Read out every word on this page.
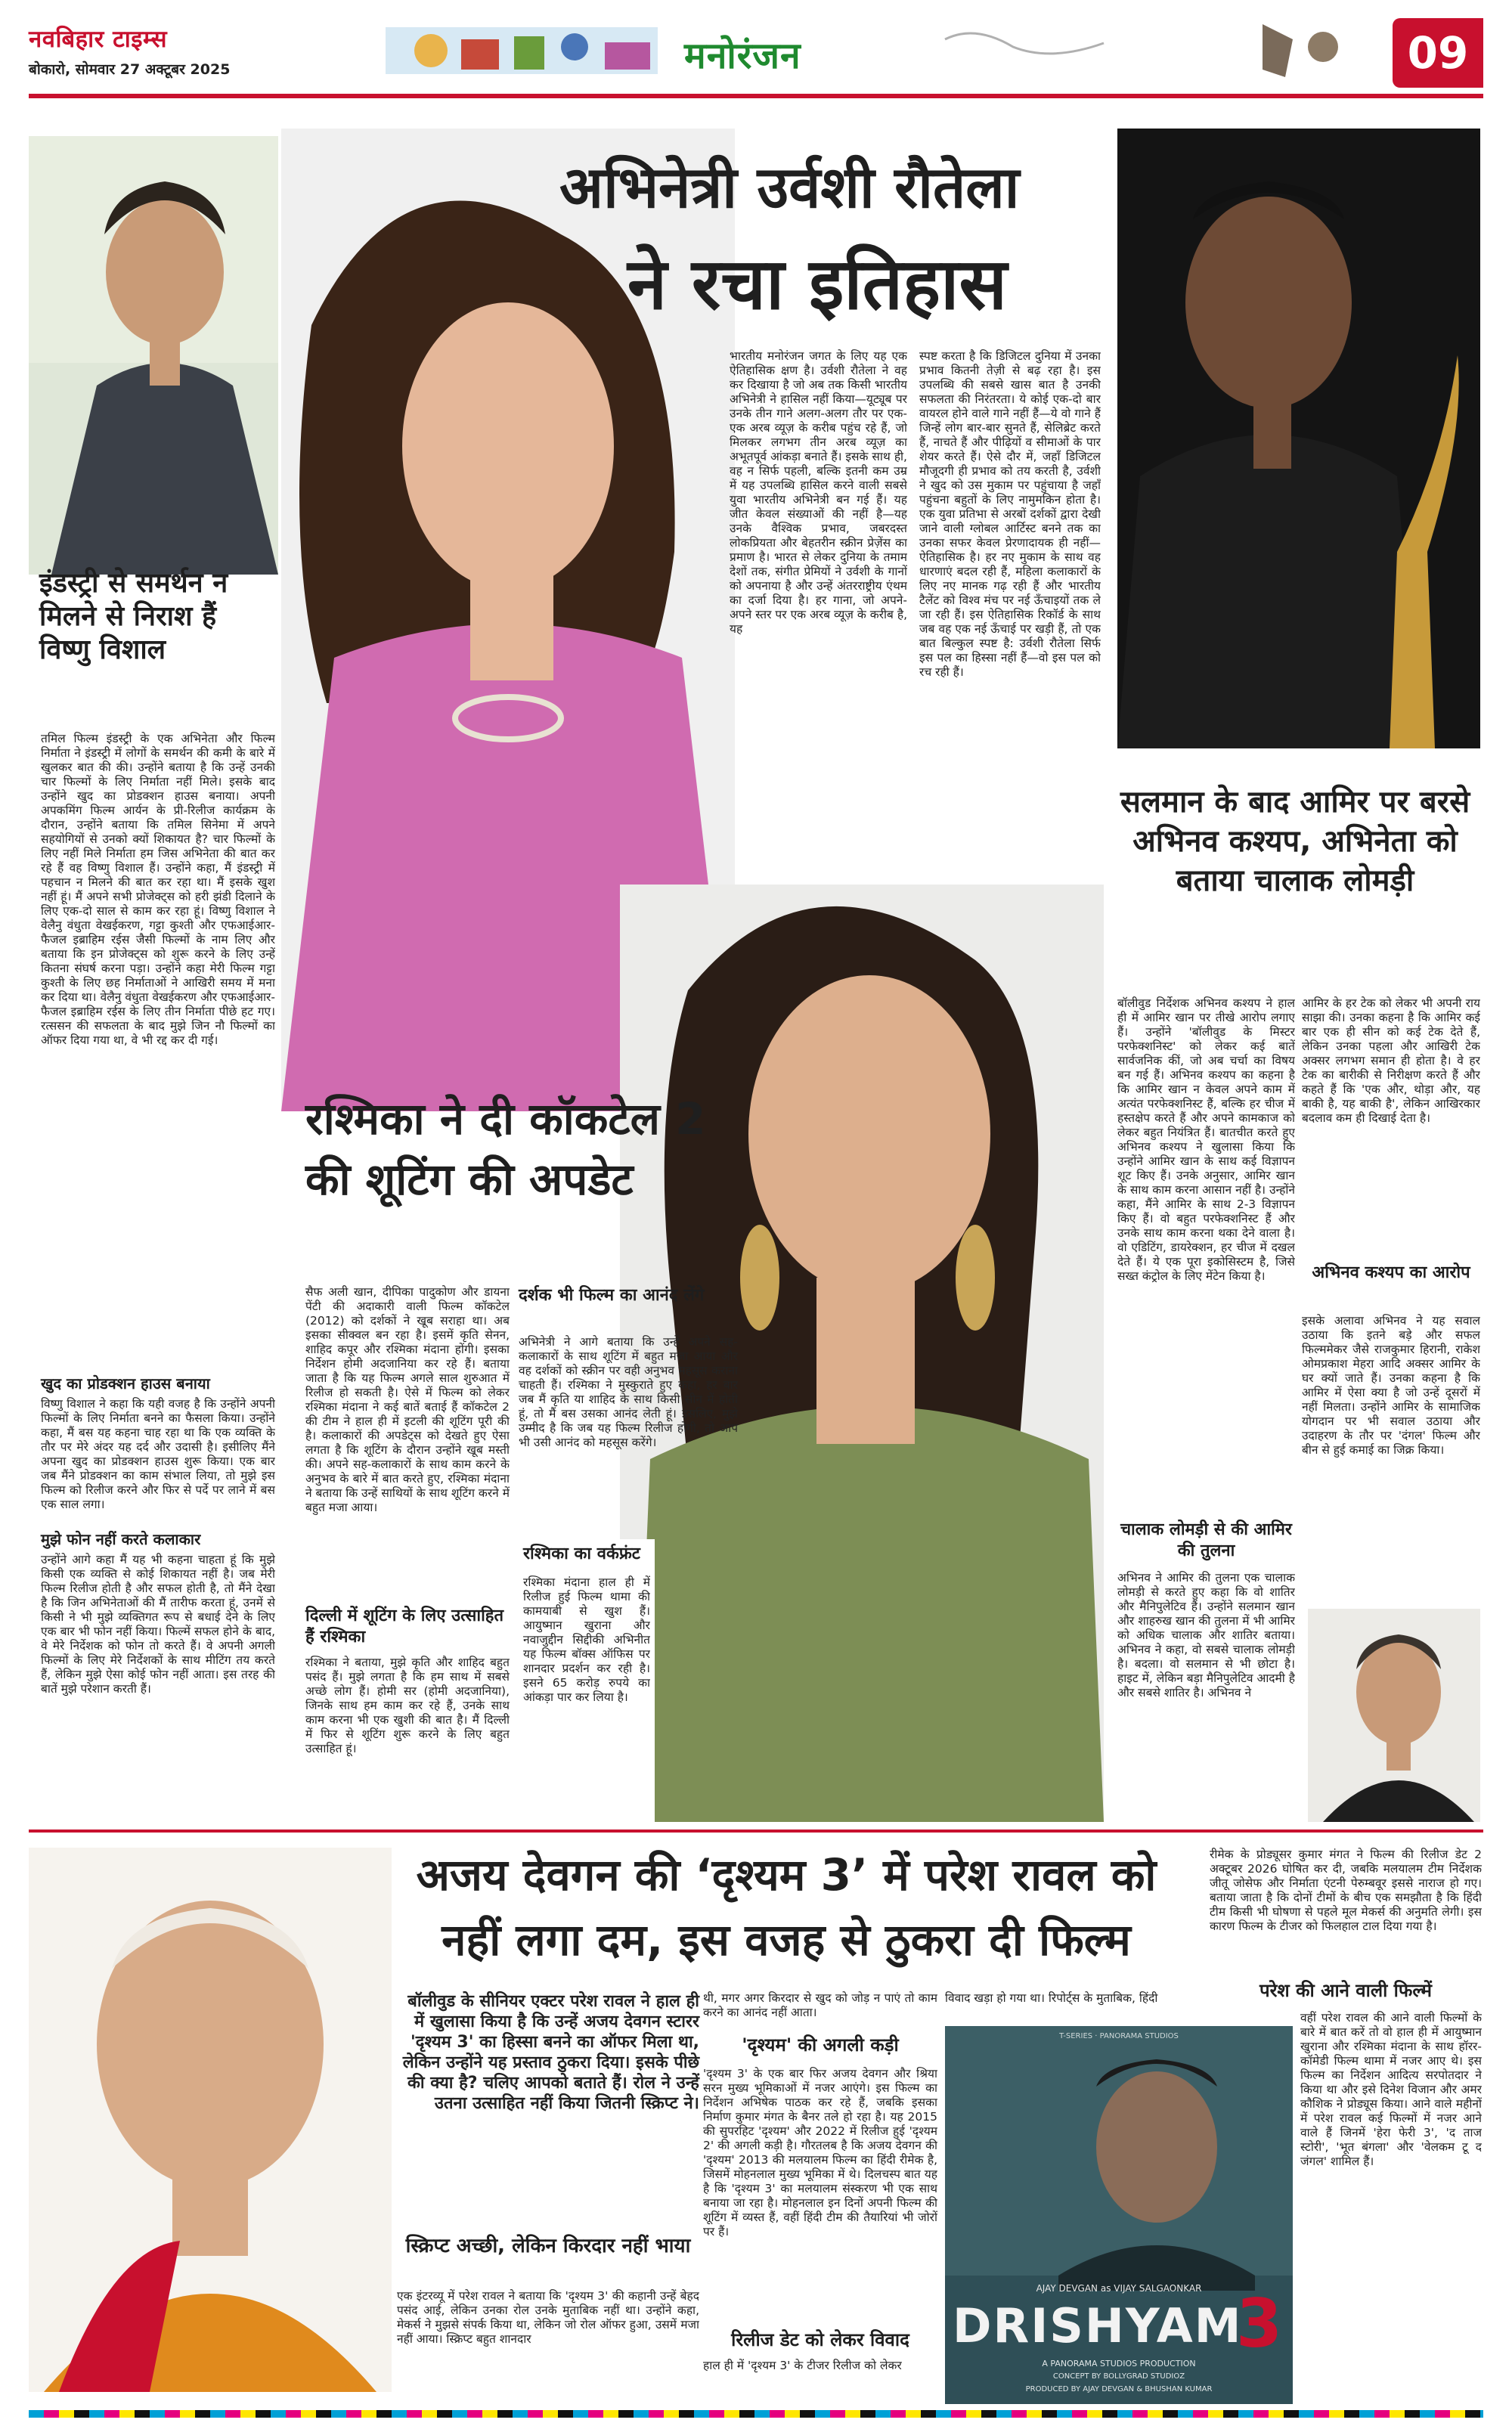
नवबिहार टाइम्स
बोकारो, सोमवार 27 अक्टूबर 2025	मनोरंजन	09
इंडस्ट्री से समर्थन न मिलने से निराश हैं विष्णु विशाल
तमिल फिल्म इंडस्ट्री के एक अभिनेता और फिल्म निर्माता ने इंडस्ट्री में लोगों के समर्थन की कमी के बारे में खुलकर बात की की। उन्होंने बताया है कि उन्हें उनकी चार फिल्मों के लिए निर्माता नहीं मिले। इसके बाद उन्होंने खुद का प्रोडक्शन हाउस बनाया। अपनी अपकमिंग फिल्म आर्यन के प्री-रिलीज कार्यक्रम के दौरान, उन्होंने बताया कि तमिल सिनेमा में अपने सहयोगियों से उनको क्यों शिकायत है? चार फिल्मों के लिए नहीं मिले निर्माता हम जिस अभिनेता की बात कर रहे हैं वह विष्णु विशाल हैं। उन्होंने कहा, मैं इंडस्ट्री में पहचान न मिलने की बात कर रहा था। मैं इसके खुश नहीं हूं। मैं अपने सभी प्रोजेक्ट्स को हरी झंडी दिलाने के लिए एक-दो साल से काम कर रहा हूं। विष्णु विशाल ने वेलैनु वंधुता वेखईकरण, गट्टा कुश्ती और एफआईआर- फैजल इब्राहिम रईस जैसी फिल्मों के नाम लिए और बताया कि इन प्रोजेक्ट्स को शुरू करने के लिए उन्हें कितना संघर्ष करना पड़ा। उन्होंने कहा मेरी फिल्म गट्टा कुश्ती के लिए छह निर्माताओं ने आखिरी समय में मना कर दिया था। वेलैनु वंधुता वेखईकरण और एफआईआर- फैजल इब्राहिम रईस के लिए तीन निर्माता पीछे हट गए। रत्ससन की सफलता के बाद मुझे जिन नौ फिल्मों का ऑफर दिया गया था, वे भी रद्द कर दी गई।
खुद का प्रोडक्शन हाउस बनाया
विष्णु विशाल ने कहा कि यही वजह है कि उन्होंने अपनी फिल्मों के लिए निर्माता बनने का फैसला किया। उन्होंने कहा, मैं बस यह कहना चाह रहा था कि एक व्यक्ति के तौर पर मेरे अंदर यह दर्द और उदासी है। इसीलिए मैंने अपना खुद का प्रोडक्शन हाउस शुरू किया। एक बार जब मैंने प्रोडक्शन का काम संभाल लिया, तो मुझे इस फिल्म को रिलीज करने और फिर से पर्दे पर लाने में बस एक साल लगा।
मुझे फोन नहीं करते कलाकार
उन्होंने आगे कहा मैं यह भी कहना चाहता हूं कि मुझे किसी एक व्यक्ति से कोई शिकायत नहीं है। जब मेरी फिल्म रिलीज होती है और सफल होती है, तो मैंने देखा है कि जिन अभिनेताओं की मैं तारीफ करता हूं, उनमें से किसी ने भी मुझे व्यक्तिगत रूप से बधाई देने के लिए एक बार भी फोन नहीं किया। फिल्में सफल होने के बाद, वे मेरे निर्देशक को फोन तो करते हैं। वे अपनी अगली फिल्मों के लिए मेरे निर्देशकों के साथ मीटिंग तय करते हैं, लेकिन मुझे ऐसा कोई फोन नहीं आता। इस तरह की बातें मुझे परेशान करती हैं।
अभिनेत्री उर्वशी रौतेला
ने रचा इतिहास
भारतीय मनोरंजन जगत के लिए यह एक ऐतिहासिक क्षण है। उर्वशी रौतेला ने वह कर दिखाया है जो अब तक किसी भारतीय अभिनेत्री ने हासिल नहीं किया—यूट्यूब पर उनके तीन गाने अलग-अलग तौर पर एक-एक अरब व्यूज़ के करीब पहुंच रहे हैं, जो मिलकर लगभग तीन अरब व्यूज़ का अभूतपूर्व आंकड़ा बनाते हैं। इसके साथ ही, वह न सिर्फ पहली, बल्कि इतनी कम उम्र में यह उपलब्धि हासिल करने वाली सबसे युवा भारतीय अभिनेत्री बन गई हैं। यह जीत केवल संख्याओं की नहीं है—यह उनके वैश्विक प्रभाव, जबरदस्त लोकप्रियता और बेहतरीन स्क्रीन प्रेज़ेंस का प्रमाण है। भारत से लेकर दुनिया के तमाम देशों तक, संगीत प्रेमियों ने उर्वशी के गानों को अपनाया है और उन्हें अंतरराष्ट्रीय एंथम का दर्जा दिया है। हर गाना, जो अपने-अपने स्तर पर एक अरब व्यूज़ के करीब है, यह
स्पष्ट करता है कि डिजिटल दुनिया में उनका प्रभाव कितनी तेज़ी से बढ़ रहा है। इस उपलब्धि की सबसे खास बात है उनकी सफलता की निरंतरता। ये कोई एक-दो बार वायरल होने वाले गाने नहीं हैं—ये वो गाने हैं जिन्हें लोग बार-बार सुनते हैं, सेलिब्रेट करते हैं, नाचते हैं और पीढ़ियों व सीमाओं के पार शेयर करते हैं। ऐसे दौर में, जहाँ डिजिटल मौजूदगी ही प्रभाव को तय करती है, उर्वशी ने खुद को उस मुकाम पर पहुंचाया है जहाँ पहुंचना बहुतों के लिए नामुमकिन होता है। एक युवा प्रतिभा से अरबों दर्शकों द्वारा देखी जाने वाली ग्लोबल आर्टिस्ट बनने तक का उनका सफर केवल प्रेरणादायक ही नहीं—ऐतिहासिक है। हर नए मुकाम के साथ वह धारणाएं बदल रही हैं, महिला कलाकारों के लिए नए मानक गढ़ रही हैं और भारतीय टैलेंट को विश्व मंच पर नई ऊँचाइयों तक ले जा रही हैं। इस ऐतिहासिक रिकॉर्ड के साथ जब वह एक नई ऊँचाई पर खड़ी हैं, तो एक बात बिल्कुल स्पष्ट है: उर्वशी रौतेला सिर्फ इस पल का हिस्सा नहीं हैं—वो इस पल को रच रही हैं।
रश्मिका ने दी कॉकटेल 2
की शूटिंग की अपडेट
सैफ अली खान, दीपिका पादुकोण और डायना पेंटी की अदाकारी वाली फिल्म कॉकटेल (2012) को दर्शकों ने खूब सराहा था। अब इसका सीक्वल बन रहा है। इसमें कृति सेनन, शाहिद कपूर और रश्मिका मंदाना होंगी। इसका निर्देशन होमी अदजानिया कर रहे हैं। बताया जाता है कि यह फिल्म अगले साल शुरुआत में रिलीज हो सकती है। ऐसे में फिल्म को लेकर रश्मिका मंदाना ने कई बातें बताई हैं कॉकटेल 2 की टीम ने हाल ही में इटली की शूटिंग पूरी की है। कलाकारों की अपडेट्स को देखते हुए ऐसा लगता है कि शूटिंग के दौरान उन्होंने खूब मस्ती की। अपने सह-कलाकारों के साथ काम करने के अनुभव के बारे में बात करते हुए, रश्मिका मंदाना ने बताया कि उन्हें साथियों के साथ शूटिंग करने में बहुत मजा आया।
दिल्ली में शूटिंग के लिए उत्साहित हैं रश्मिका
रश्मिका ने बताया, मुझे कृति और शाहिद बहुत पसंद हैं। मुझे लगता है कि हम साथ में सबसे अच्छे लोग हैं। होमी सर (होमी अदजानिया), जिनके साथ हम काम कर रहे हैं, उनके साथ काम करना भी एक खुशी की बात है। मैं दिल्ली में फिर से शूटिंग शुरू करने के लिए बहुत उत्साहित हूं।
दर्शक भी फिल्म का आनंद लेंगे
अभिनेत्री ने आगे बताया कि उन्हें अपने सह-कलाकारों के साथ शूटिंग में बहुत मजा आया और वह दर्शकों को स्क्रीन पर वही अनुभव महसूस कराना चाहती हैं। रश्मिका ने मुस्कुराते हुए कहा, हर बार जब मैं कृति या शाहिद के साथ किसी सीन में होती हूं, तो मैं बस उसका आनंद लेती हूं। इसलिए, मुझे उम्मीद है कि जब यह फिल्म रिलीज होगी, तो आप भी उसी आनंद को महसूस करेंगे।
रश्मिका का वर्कफ्रंट
रश्मिका मंदाना हाल ही में रिलीज हुई फिल्म थामा की कामयाबी से खुश हैं। आयुष्मान खुराना और नवाजुद्दीन सिद्दीकी अभिनीत यह फिल्म बॉक्स ऑफिस पर शानदार प्रदर्शन कर रही है। इसने 65 करोड़ रुपये का आंकड़ा पार कर लिया है।
सलमान के बाद आमिर पर बरसे अभिनव कश्यप, अभिनेता को बताया चालाक लोमड़ी
बॉलीवुड निर्देशक अभिनव कश्यप ने हाल ही में आमिर खान पर तीखे आरोप लगाए हैं। उन्होंने 'बॉलीवुड के मिस्टर परफेक्शनिस्ट' को लेकर कई बातें सार्वजनिक कीं, जो अब चर्चा का विषय बन गई हैं। अभिनव कश्यप का कहना है कि आमिर खान न केवल अपने काम में अत्यंत परफेक्शनिस्ट हैं, बल्कि हर चीज में हस्तक्षेप करते हैं और अपने कामकाज को लेकर बहुत नियंत्रित हैं। बातचीत करते हुए अभिनव कश्यप ने खुलासा किया कि उन्होंने आमिर खान के साथ कई विज्ञापन शूट किए हैं। उनके अनुसार, आमिर खान के साथ काम करना आसान नहीं है। उन्होंने कहा, मैंने आमिर के साथ 2-3 विज्ञापन किए हैं। वो बहुत परफेक्शनिस्ट हैं और उनके साथ काम करना थका देने वाला है। वो एडिटिंग, डायरेक्शन, हर चीज में दखल देते हैं। ये एक पूरा इकोसिस्टम है, जिसे सख्त कंट्रोल के लिए मेंटेन किया है।
चालाक लोमड़ी से की आमिर की तुलना
अभिनव ने आमिर की तुलना एक चालाक लोमड़ी से करते हुए कहा कि वो शातिर और मैनिपुलेटिव हैं। उन्होंने सलमान खान और शाहरुख खान की तुलना में भी आमिर को अधिक चालाक और शातिर बताया। अभिनव ने कहा, वो सबसे चालाक लोमड़ी है। बदला। वो सलमान से भी छोटा है। हाइट में, लेकिन बड़ा मैनिपुलेटिव आदमी है और सबसे शातिर है। अभिनव ने
आमिर के हर टेक को लेकर भी अपनी राय साझा की। उनका कहना है कि आमिर कई बार एक ही सीन को कई टेक देते हैं, लेकिन उनका पहला और आखिरी टेक अक्सर लगभग समान ही होता है। वे हर टेक का बारीकी से निरीक्षण करते हैं और कहते हैं कि 'एक और, थोड़ा और, यह बाकी है, यह बाकी है', लेकिन आखिरकार बदलाव कम ही दिखाई देता है।
अभिनव कश्यप का आरोप
इसके अलावा अभिनव ने यह सवाल उठाया कि इतने बड़े और सफल फिल्ममेकर जैसे राजकुमार हिरानी, राकेश ओमप्रकाश मेहरा आदि अक्सर आमिर के घर क्यों जाते हैं। उनका कहना है कि आमिर में ऐसा क्या है जो उन्हें दूसरों में नहीं मिलता। उन्होंने आमिर के सामाजिक योगदान पर भी सवाल उठाया और उदाहरण के तौर पर 'दंगल' फिल्म और बीन से हुई कमाई का जिक्र किया।
अजय देवगन की ‘दृश्यम 3’ में परेश रावल को
नहीं लगा दम, इस वजह से ठुकरा दी फिल्म
बॉलीवुड के सीनियर एक्टर परेश रावल ने हाल ही में खुलासा किया है कि उन्हें अजय देवगन स्टारर 'दृश्यम 3' का हिस्सा बनने का ऑफर मिला था, लेकिन उन्होंने यह प्रस्ताव ठुकरा दिया। इसके पीछे की क्या है? चलिए आपको बताते हैं। रोल ने उन्हें उतना उत्साहित नहीं किया जितनी स्क्रिप्ट ने।
स्क्रिप्ट अच्छी, लेकिन किरदार नहीं भाया
एक इंटरव्यू में परेश रावल ने बताया कि 'दृश्यम 3' की कहानी उन्हें बेहद पसंद आई, लेकिन उनका रोल उनके मुताबिक नहीं था। उन्होंने कहा, मेकर्स ने मुझसे संपर्क किया था, लेकिन जो रोल ऑफर हुआ, उसमें मजा नहीं आया। स्क्रिप्ट बहुत शानदार
थी, मगर अगर किरदार से खुद को जोड़ न पाएं तो काम करने का आनंद नहीं आता।
'दृश्यम' की अगली कड़ी
'दृश्यम 3' के एक बार फिर अजय देवगन और श्रिया सरन मुख्य भूमिकाओं में नजर आएंगे। इस फिल्म का निर्देशन अभिषेक पाठक कर रहे हैं, जबकि इसका निर्माण कुमार मंगत के बैनर तले हो रहा है। यह 2015 की सुपरहिट 'दृश्यम' और 2022 में रिलीज हुई 'दृश्यम 2' की अगली कड़ी है। गौरतलब है कि अजय देवगन की 'दृश्यम' 2013 की मलयालम फिल्म का हिंदी रीमेक है, जिसमें मोहनलाल मुख्य भूमिका में थे। दिलचस्प बात यह है कि 'दृश्यम 3' का मलयालम संस्करण भी एक साथ बनाया जा रहा है। मोहनलाल इन दिनों अपनी फिल्म की शूटिंग में व्यस्त हैं, वहीं हिंदी टीम की तैयारियां भी जोरों पर हैं।
रिलीज डेट को लेकर विवाद
हाल ही में 'दृश्यम 3' के टीजर रिलीज को लेकर
विवाद खड़ा हो गया था। रिपोर्ट्स के मुताबिक, हिंदी
T-SERIES · PANORAMA STUDIOS
AJAY DEVGAN as VIJAY SALGAONKAR
DRISHYAM
3
A PANORAMA STUDIOS PRODUCTION
CONCEPT BY BOLLYGRAD STUDIOZ
PRODUCED BY AJAY DEVGAN & BHUSHAN KUMAR
रीमेक के प्रोड्यूसर कुमार मंगत ने फिल्म की रिलीज डेट 2 अक्टूबर 2026 घोषित कर दी, जबकि मलयालम टीम निर्देशक जीतू जोसेफ और निर्माता एंटनी पेरुम्बवूर इससे नाराज हो गए। बताया जाता है कि दोनों टीमों के बीच एक समझौता है कि हिंदी टीम किसी भी घोषणा से पहले मूल मेकर्स की अनुमति लेगी। इस कारण फिल्म के टीजर को फिलहाल टाल दिया गया है।
परेश की आने वाली फिल्में
वहीं परेश रावल की आने वाली फिल्मों के बारे में बात करें तो वो हाल ही में आयुष्मान खुराना और रश्मिका मंदाना के साथ हॉरर-कॉमेडी फिल्म थामा में नजर आए थे। इस फिल्म का निर्देशन आदित्य सरपोतदार ने किया था और इसे दिनेश विजान और अमर कौशिक ने प्रोड्यूस किया। आने वाले महीनों में परेश रावल कई फिल्मों में नजर आने वाले हैं जिनमें 'हेरा फेरी 3', 'द ताज स्टोरी', 'भूत बंगला' और 'वेलकम टू द जंगल' शामिल हैं।
